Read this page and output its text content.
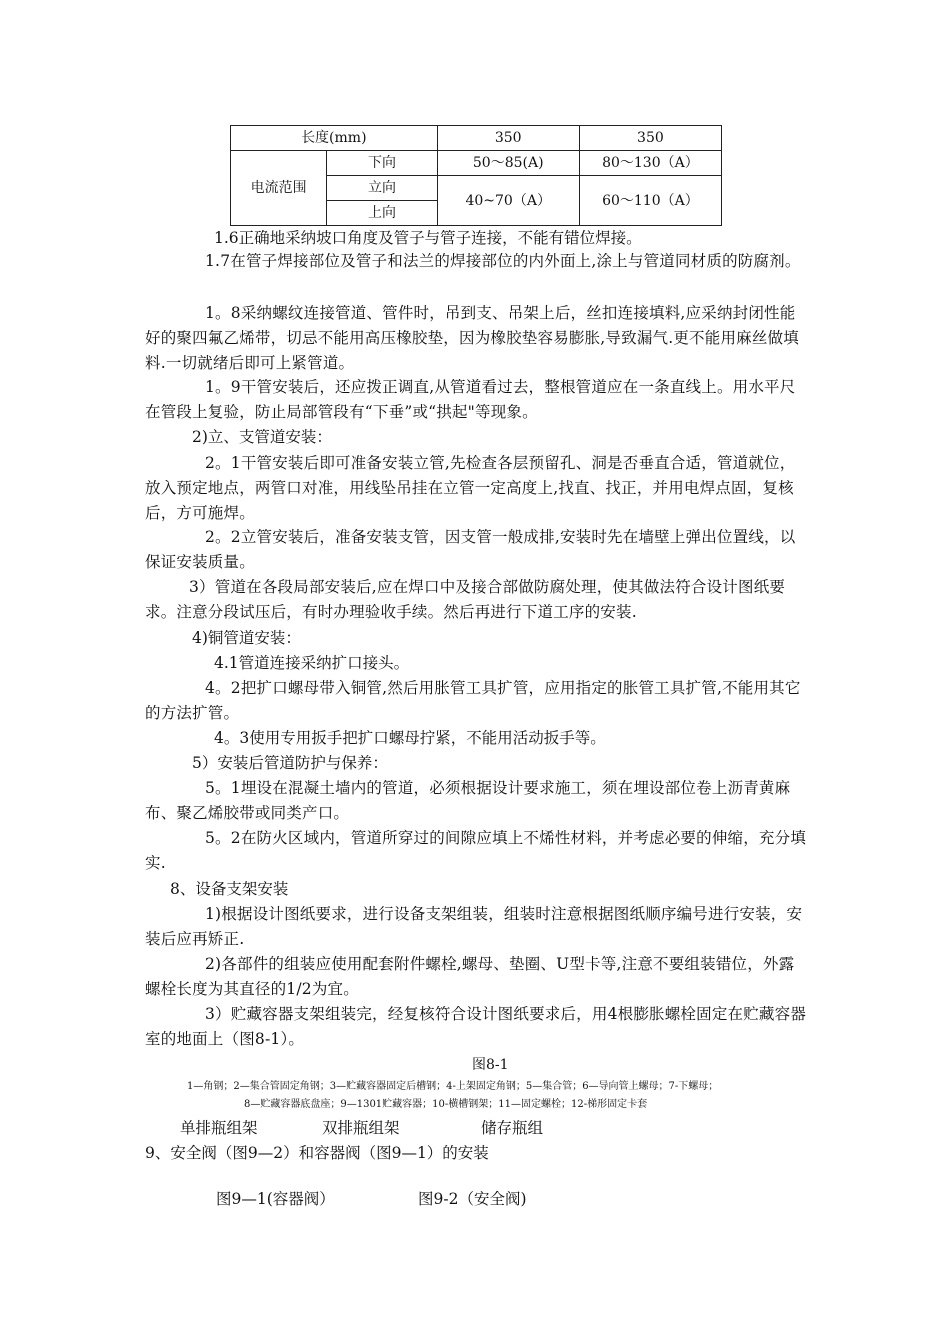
长度(mm)		350	350
电流范围	下向	50～85(A)	80～130（A）
	立向	40~70（A）	60～110（A）
	上向		
1.6正确地采纳坡口角度及管子与管子连接，不能有错位焊接。

1.7在管子焊接部位及管子和法兰的焊接部位的内外面上,涂上与管道同材质的防腐剂。

1。8采纳螺纹连接管道、管件时，吊到支、吊架上后，丝扣连接填料,应采纳封闭性能好的聚四氟乙烯带，切忌不能用高压橡胶垫，因为橡胶垫容易膨胀,导致漏气.更不能用麻丝做填料.一切就绪后即可上紧管道。

1。9干管安装后，还应拨正调直,从管道看过去，整根管道应在一条直线上。用水平尺在管段上复验，防止局部管段有“下垂”或“拱起"等现象。

2)立、支管道安装：

2。1干管安装后即可准备安装立管,先检查各层预留孔、洞是否垂直合适，管道就位，放入预定地点，两管口对准，用线坠吊挂在立管一定高度上,找直、找正，并用电焊点固，复核后，方可施焊。

2。2立管安装后，准备安装支管，因支管一般成排,安装时先在墙壁上弹出位置线，以保证安装质量。

3）管道在各段局部安装后,应在焊口中及接合部做防腐处理，使其做法符合设计图纸要求。注意分段试压后，有时办理验收手续。然后再进行下道工序的安装.

4)铜管道安装：
4.1管道连接采纳扩口接头。

4。2把扩口螺母带入铜管,然后用胀管工具扩管，应用指定的胀管工具扩管,不能用其它的方法扩管。

4。3使用专用扳手把扩口螺母拧紧，不能用活动扳手等。
5）安装后管道防护与保养：

5。1埋设在混凝土墙内的管道，必须根据设计要求施工，须在埋设部位卷上沥青黄麻布、聚乙烯胶带或同类产口。

5。2在防火区域内，管道所穿过的间隙应填上不烯性材料，并考虑必要的伸缩，充分填实.

8、设备支架安装

1)根据设计图纸要求，进行设备支架组装，组装时注意根据图纸顺序编号进行安装，安装后应再矫正.

2)各部件的组装应使用配套附件螺栓,螺母、垫圈、U型卡等,注意不要组装错位，外露螺栓长度为其直径的1/2为宜。

3）贮藏容器支架组装完，经复核符合设计图纸要求后，用4根膨胀螺栓固定在贮藏容器室的地面上（图8-1）。

图8-1
1—角钢；2—集合管固定角钢；3—贮藏容器固定后槽钢；4-上架固定角钢；5—集合管；6—导向管上螺母；7-下螺母；
8—贮藏容器底盘座；9—1301贮藏容器；10-横槽钢架；11—固定螺栓；12-梯形固定卡套
单排瓶组架	双排瓶组架	储存瓶组
9、安全阀（图9—2）和容器阀（图9—1）的安装
图9—1(容器阀）	图9-2（安全阀)
